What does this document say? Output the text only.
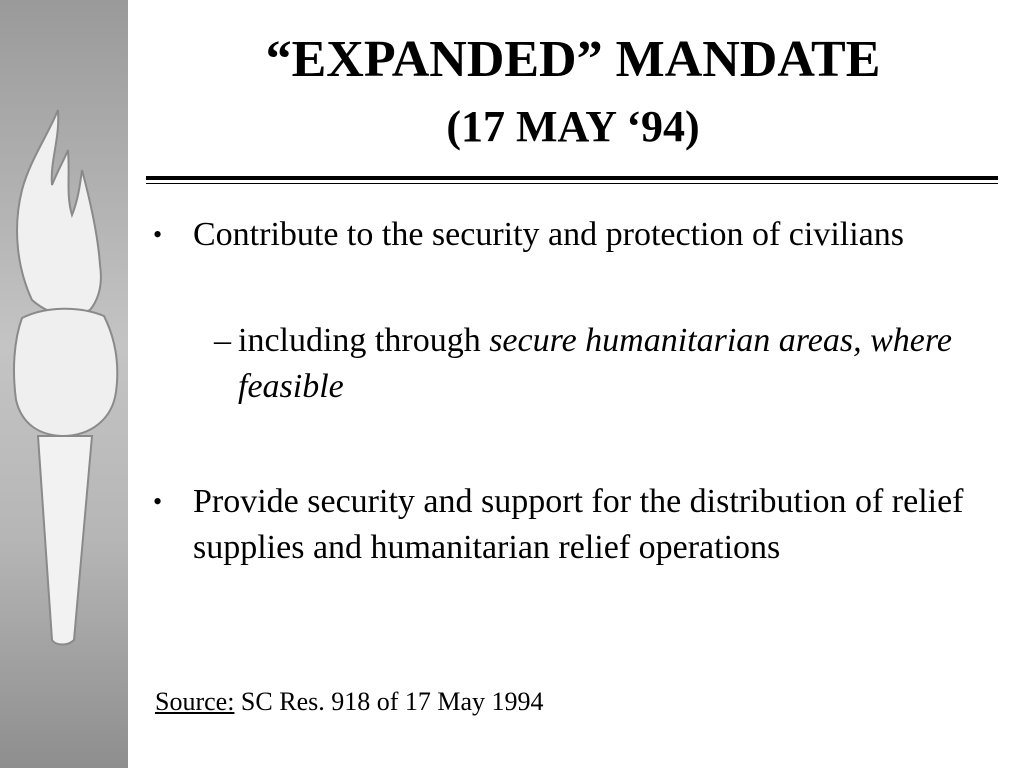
“EXPANDED” MANDATE
(17 MAY ‘94)
• Contribute to the security and protection of civilians
– including through secure humanitarian areas, where feasible
• Provide security and support for the distribution of relief supplies and humanitarian relief operations
Source: SC Res. 918 of 17 May 1994
